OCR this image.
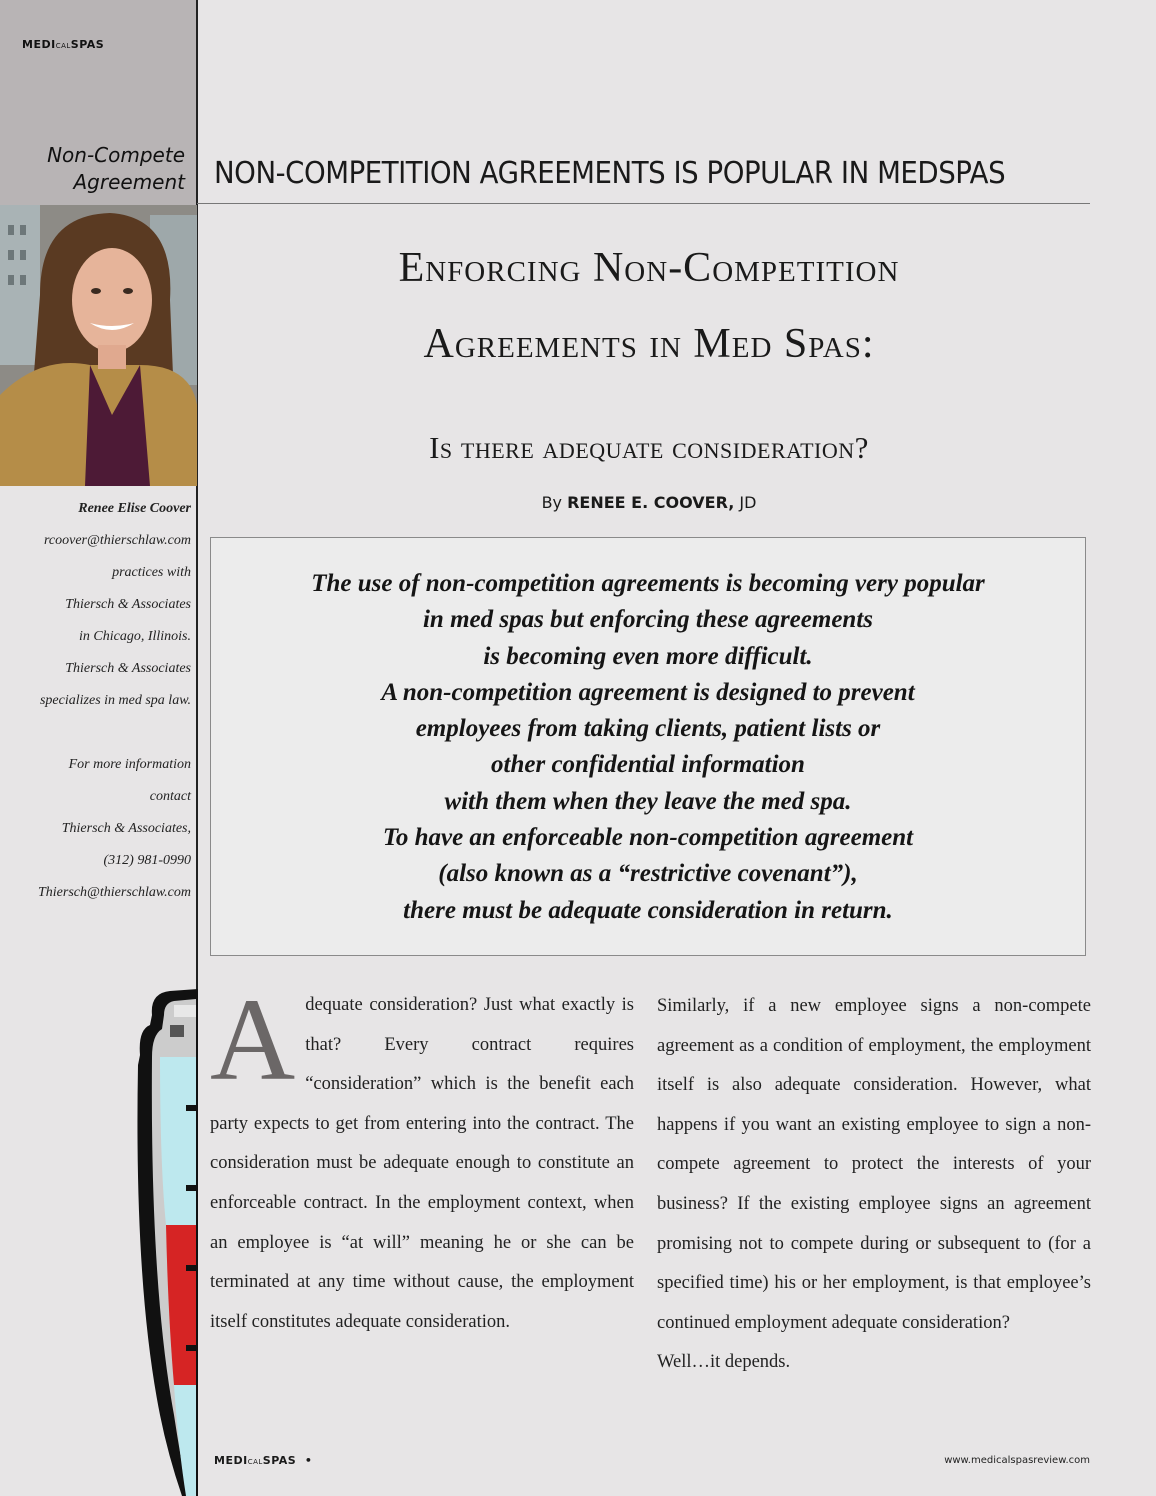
MEDICALSPAS
Non-Compete
Agreement NON-COMPETITION AGREEMENTS IS POPULAR IN MEDSPAS
Renee Elise Coover
rcoover@thierschlaw.com
practices with
Thiersch & Associates
in Chicago, Illinois.
Thiersch & Associates
specializes in med spa law.

For more information
contact
Thiersch & Associates,
(312) 981-0990
Thiersch@thierschlaw.com
Enforcing Non-Competition
Agreements in Med Spas:
Is there adequate consideration?
By RENEE E. COOVER, JD
The use of non-competition agreements is becoming very popular
in med spas but enforcing these agreements
is becoming even more difficult.
A non-competition agreement is designed to prevent
employees from taking clients, patient lists or
other confidential information
with them when they leave the med spa.
To have an enforceable non-competition agreement
(also known as a “restrictive covenant”),
there must be adequate consideration in return.
A dequate consideration? Just what exactly is that? Every contract requires “consideration” which is the benefit each party expects to get from entering into the contract. The consideration must be adequate enough to constitute an enforceable contract. In the employment context, when an employee is “at will” meaning he or she can be terminated at any time without cause, the employment itself constitutes adequate consideration.

Similarly, if a new employee signs a non-compete agreement as a condition of employment, the employment itself is also adequate consideration. However, what happens if you want an existing employee to sign a non-compete agreement to protect the interests of your business? If the existing employee signs an agreement promising not to compete during or subsequent to (for a specified time) his or her employment, is that employee’s continued employment adequate consideration?

Well…it depends.

MEDICALSPAS •	www.medicalspasreview.com
